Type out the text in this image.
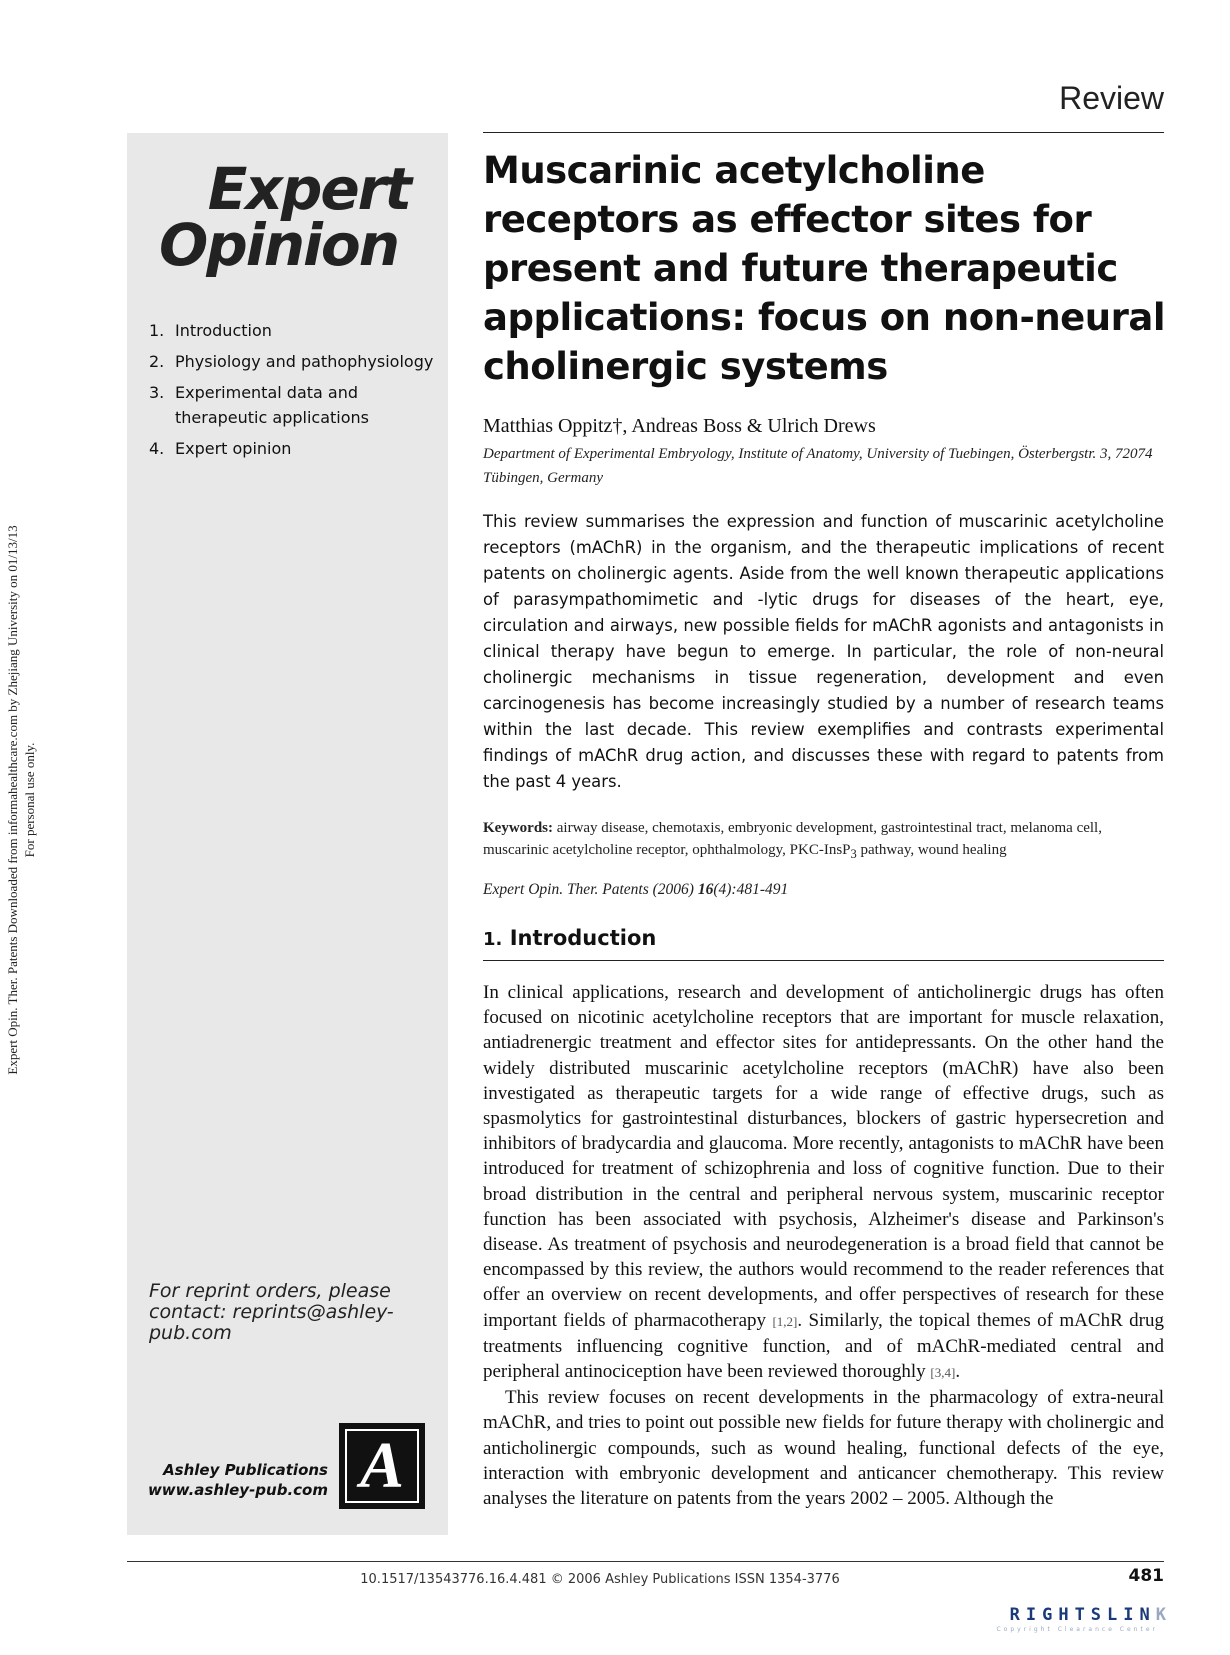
Expert Opin. Ther. Patents Downloaded from informahealthcare.com by Zhejiang University on 01/13/13 For personal use only.
Review
Expert
Opinion
1. Introduction
2. Physiology and pathophysiology
3. Experimental data and therapeutic applications
4. Expert opinion
For reprint orders, please contact: reprints@ashley-pub.com
Ashley Publications
www.ashley-pub.com A
Muscarinic acetylcholine receptors as effector sites for present and future therapeutic applications: focus on non-neural cholinergic systems
Matthias Oppitz†, Andreas Boss & Ulrich Drews
Department of Experimental Embryology, Institute of Anatomy, University of Tuebingen, Österbergstr. 3, 72074 Tübingen, Germany

This review summarises the expression and function of muscarinic acetylcholine receptors (mAChR) in the organism, and the therapeutic implications of recent patents on cholinergic agents. Aside from the well known therapeutic applications of parasympathomimetic and -lytic drugs for diseases of the heart, eye, circulation and airways, new possible fields for mAChR agonists and antagonists in clinical therapy have begun to emerge. In particular, the role of non-neural cholinergic mechanisms in tissue regeneration, development and even carcinogenesis has become increasingly studied by a number of research teams within the last decade. This review exemplifies and contrasts experimental findings of mAChR drug action, and discusses these with regard to patents from the past 4 years.

Keywords: airway disease, chemotaxis, embryonic development, gastrointestinal tract, melanoma cell, muscarinic acetylcholine receptor, ophthalmology, PKC-InsP$_3$ pathway, wound healing
Expert Opin. Ther. Patents (2006) 16(4):481-491
1. Introduction

In clinical applications, research and development of anticholinergic drugs has often focused on nicotinic acetylcholine receptors that are important for muscle relaxation, antiadrenergic treatment and effector sites for antidepressants. On the other hand the widely distributed muscarinic acetylcholine receptors (mAChR) have also been investigated as therapeutic targets for a wide range of effective drugs, such as spasmolytics for gastrointestinal disturbances, blockers of gastric hypersecretion and inhibitors of bradycardia and glaucoma. More recently, antagonists to mAChR have been introduced for treatment of schizophrenia and loss of cognitive function. Due to their broad distribution in the central and peripheral nervous system, muscarinic receptor function has been associated with psychosis, Alzheimer's disease and Parkinson's disease. As treatment of psychosis and neurodegeneration is a broad field that cannot be encompassed by this review, the authors would recommend to the reader references that offer an overview on recent developments, and offer perspectives of research for these important fields of pharmacotherapy [1,2]. Similarly, the topical themes of mAChR drug treatments influencing cognitive function, and of mAChR-mediated central and peripheral antinociception have been reviewed thoroughly [3,4].

This review focuses on recent developments in the pharmacology of extra-neural mAChR, and tries to point out possible new fields for future therapy with cholinergic and anticholinergic compounds, such as wound healing, functional defects of the eye, interaction with embryonic development and anticancer chemotherapy. This review analyses the literature on patents from the years 2002 – 2005. Although the

10.1517/13543776.16.4.481 © 2006 Ashley Publications ISSN 1354-3776	481
RIGHTSLINK
Copyright Clearance Center
